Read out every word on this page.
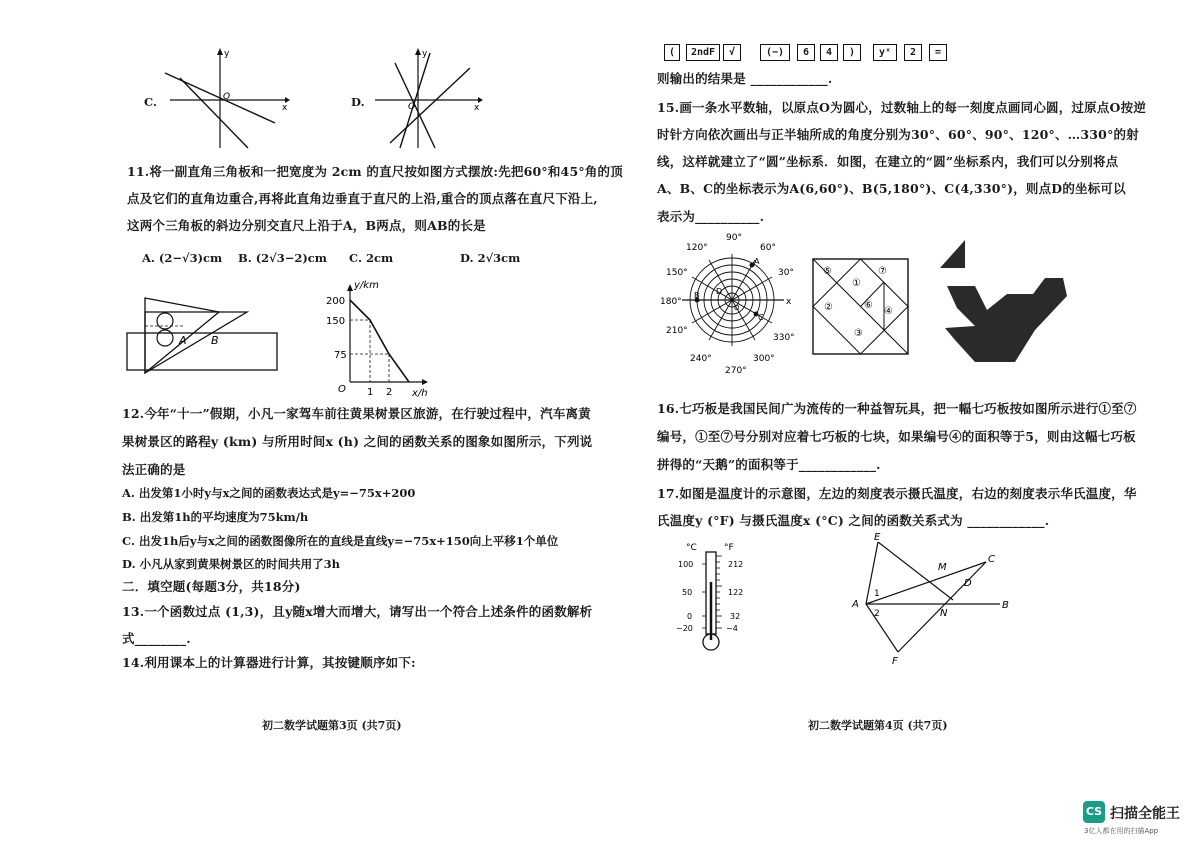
y
O
x
C.
y
O	x
D.
11.将一副直角三角板和一把宽度为 2cm 的直尺按如图方式摆放:先把60°和45°角的顶
点及它们的直角边重合,再将此直角边垂直于直尺的上沿,重合的顶点落在直尺下沿上,
这两个三角板的斜边分别交直尺上沿于A，B两点，则AB的长是
A. (2−√3)cm B. (2√3−2)cm C. 2cm	D. 2√3cm
A B
y/km
x/h
O
200
150
75
1 2
12.今年“十一”假期，小凡一家驾车前往黄果树景区旅游，在行驶过程中，汽车离黄
果树景区的路程y (km) 与所用时间x (h) 之间的函数关系的图象如图所示，下列说
法正确的是
A. 出发第1小时y与x之间的函数表达式是y=−75x+200
B. 出发第1h的平均速度为75km/h
C. 出发1h后y与x之间的函数图像所在的直线是直线y=−75x+150向上平移1个单位
D. 小凡从家到黄果树景区的时间共用了3h
二．填空题(每题3分，共18分)
13.一个函数过点 (1,3)，且y随x增大而增大，请写出一个符合上述条件的函数解析
式________.
14.利用课本上的计算器进行计算，其按键顺序如下:
初二数学试题第3页 (共7页)
(	2ndF	√	(−)	6	4	)	yˣ	2	=
则输出的结果是 ____________.
15.画一条水平数轴，以原点O为圆心，过数轴上的每一刻度点画同心圆，过原点O按逆
时针方向依次画出与正半轴所成的角度分别为30°、60°、90°、120°、…330°的射
线，这样就建立了“圆”坐标系．如图，在建立的“圆”坐标系内，我们可以分别将点
A、B、C的坐标表示为A(6,60°)、B(5,180°)、C(4,330°)，则点D的坐标可以
表示为__________.
90°
120°	60°
150°	30°
180°	x
210°
330°
240°	300°
270°
A
B
C
D
O
⑤	⑦
①
②	⑥
④
③
16.七巧板是我国民间广为流传的一种益智玩具，把一幅七巧板按如图所示进行①至⑦
编号，①至⑦号分别对应着七巧板的七块，如果编号④的面积等于5，则由这幅七巧板
拼得的“天鹅”的面积等于____________.
17.如图是温度计的示意图，左边的刻度表示摄氏温度，右边的刻度表示华氏温度，华
氏温度y (°F) 与摄氏温度x (°C) 之间的函数关系式为 ____________.
°C	°F
100
50
0
−20
212
122
32
−4
E
M
C
D
A
1
2	N
B
F
初二数学试题第4页 (共7页)
CS 扫描全能王
3亿人都在用的扫描App
